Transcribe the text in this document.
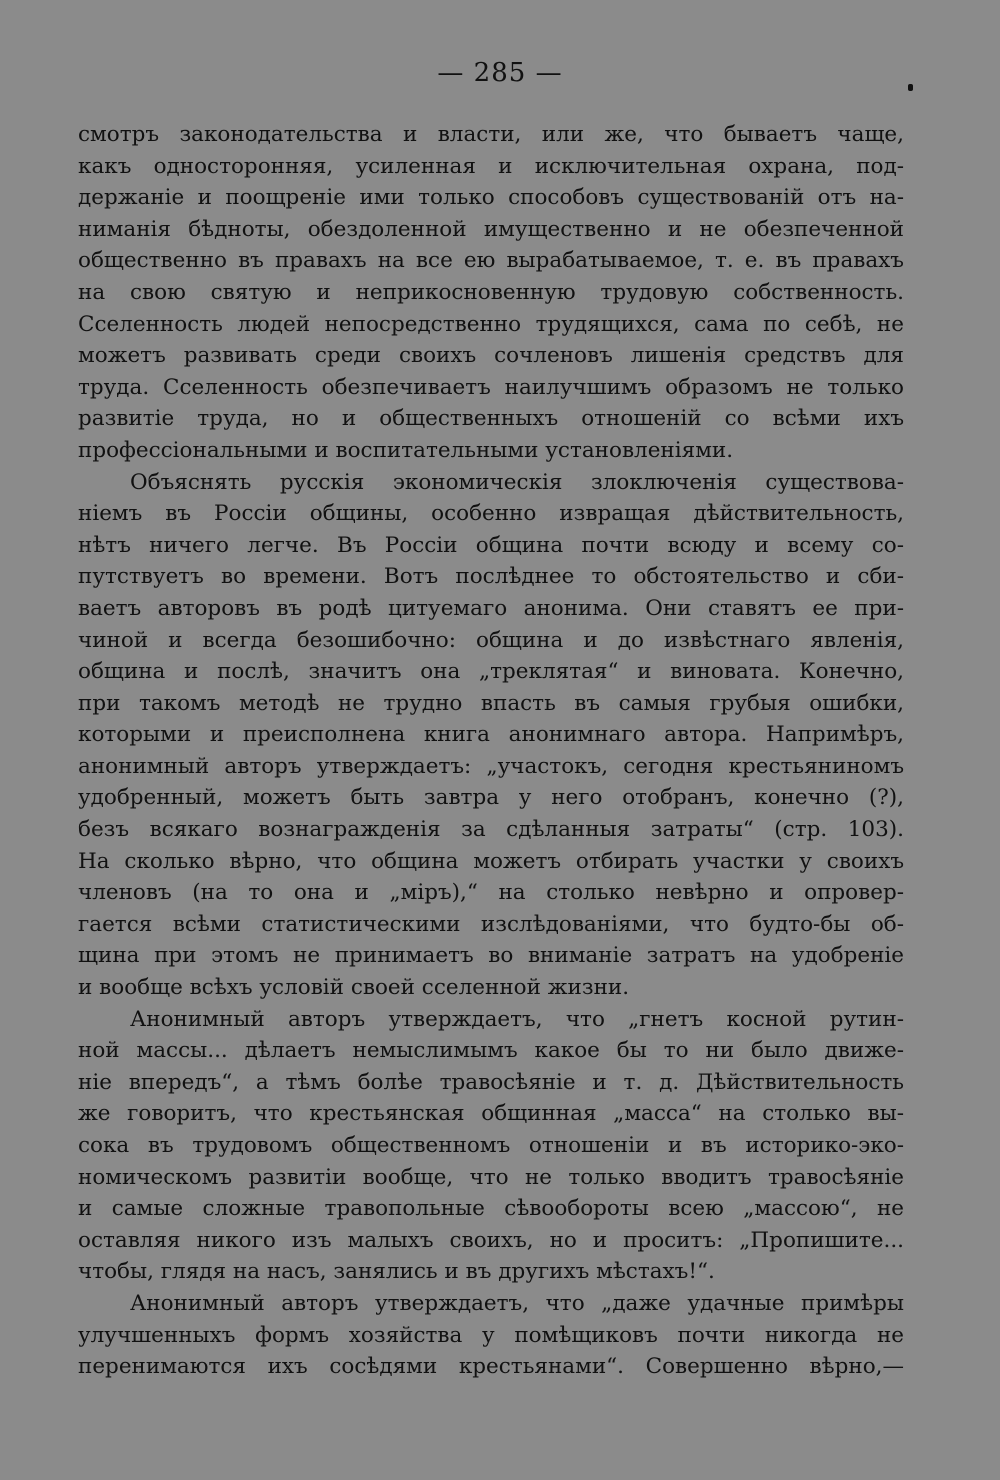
— 285 —
смотръ законодательства и власти, или же, что бываетъ чаще,
какъ односторонняя, усиленная и исключительная охрана, под-
держаніе и поощреніе ими только способовъ существованій отъ на-
ниманія бѣдноты, обездоленной имущественно и не обезпеченной
общественно въ правахъ на все ею вырабатываемое, т. е. въ правахъ
на свою святую и неприкосновенную трудовую собственность.
Сселенность людей непосредственно трудящихся, сама по себѣ, не
можетъ развивать среди своихъ сочленовъ лишенія средствъ для
труда. Сселенность обезпечиваетъ наилучшимъ образомъ не только
развитіе труда, но и общественныхъ отношеній со всѣми ихъ
профессіональными и воспитательными установленіями.
Объяснять русскія экономическія злоключенія существова-
ніемъ въ Россіи общины, особенно извращая дѣйствительность,
нѣтъ ничего легче. Въ Россіи община почти всюду и всему со-
путствуетъ во времени. Вотъ послѣднее то обстоятельство и сби-
ваетъ авторовъ въ родѣ цитуемаго анонима. Они ставятъ ее при-
чиной и всегда безошибочно: община и до извѣстнаго явленія,
община и послѣ, значитъ она „треклятая“ и виновата. Конечно,
при такомъ методѣ не трудно впасть въ самыя грубыя ошибки,
которыми и преисполнена книга анонимнаго автора. Напримѣръ,
анонимный авторъ утверждаетъ: „участокъ, сегодня крестьяниномъ
удобренный, можетъ быть завтра у него отобранъ, конечно (?),
безъ всякаго вознагражденія за сдѣланныя затраты“ (стр. 103).
На сколько вѣрно, что община можетъ отбирать участки у своихъ
членовъ (на то она и „міръ),“ на столько невѣрно и опровер-
гается всѣми статистическими изслѣдованіями, что будто-бы об-
щина при этомъ не принимаетъ во вниманіе затратъ на удобреніе
и вообще всѣхъ условій своей сселенной жизни.
Анонимный авторъ утверждаетъ, что „гнетъ косной рутин-
ной массы... дѣлаетъ немыслимымъ какое бы то ни было движе-
ніе впередъ“, а тѣмъ болѣе травосѣяніе и т. д. Дѣйствительность
же говоритъ, что крестьянская общинная „масса“ на столько вы-
сока въ трудовомъ общественномъ отношеніи и въ историко-эко-
номическомъ развитіи вообще, что не только вводитъ травосѣяніе
и самые сложные травопольные сѣвообороты всею „массою“, не
оставляя никого изъ малыхъ своихъ, но и проситъ: „Пропишите...
чтобы, глядя на насъ, занялись и въ другихъ мѣстахъ!“.
Анонимный авторъ утверждаетъ, что „даже удачные примѣры
улучшенныхъ формъ хозяйства у помѣщиковъ почти никогда не
перенимаются ихъ сосѣдями крестьянами“. Совершенно вѣрно,—
